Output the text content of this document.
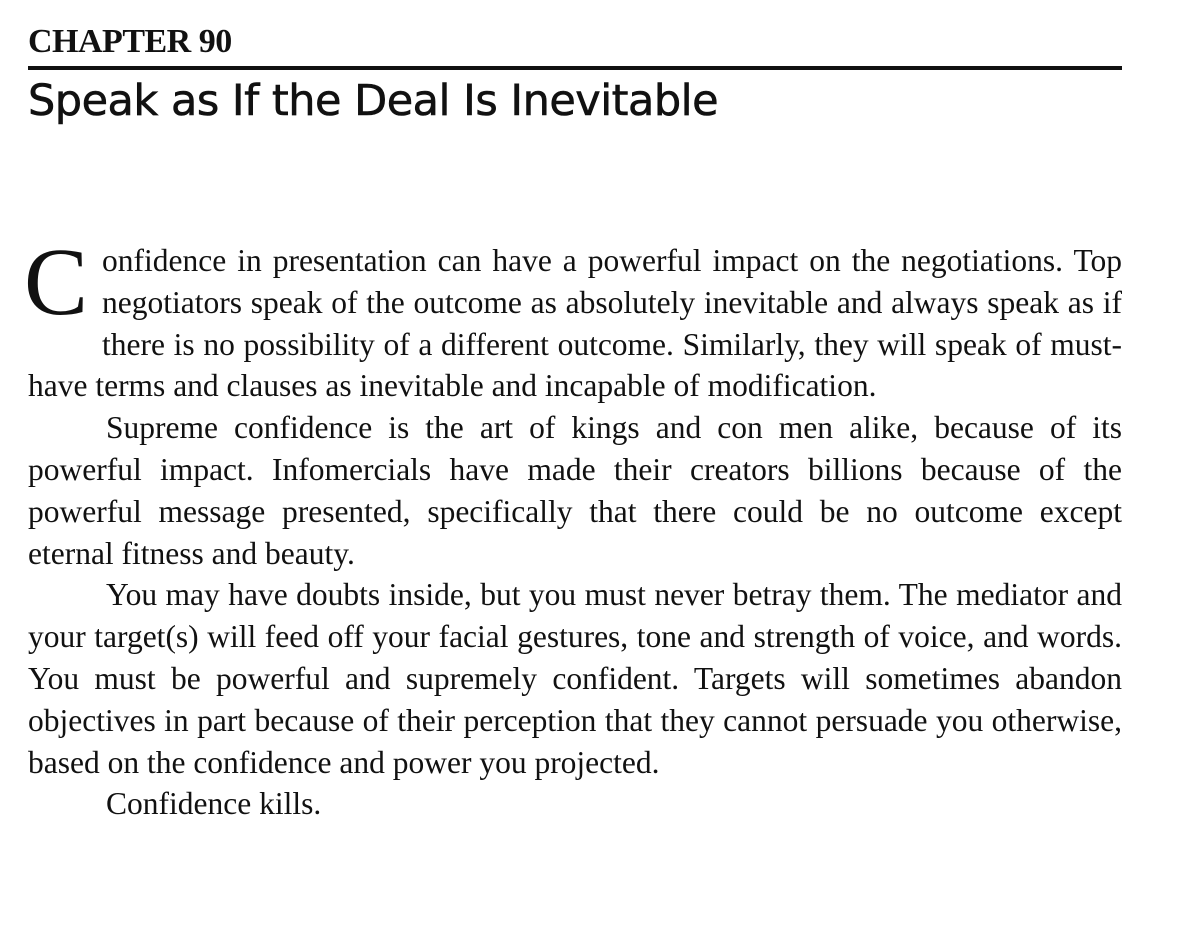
CHAPTER 90
Speak as If the Deal Is Inevitable

Confidence in presentation can have a powerful impact on the negotiations. Top negotiators speak of the outcome as absolutely inevitable and always speak as if there is no possibility of a different outcome. Similarly, they will speak of must-have terms and clauses as inevitable and incapable of modification.

Supreme confidence is the art of kings and con men alike, because of its powerful impact. Infomercials have made their creators billions because of the powerful message presented, specifically that there could be no outcome except eternal fitness and beauty.

You may have doubts inside, but you must never betray them. The mediator and your target(s) will feed off your facial gestures, tone and strength of voice, and words. You must be powerful and supremely confident. Targets will sometimes abandon objectives in part because of their perception that they cannot persuade you otherwise, based on the confidence and power you projected.

Confidence kills.
